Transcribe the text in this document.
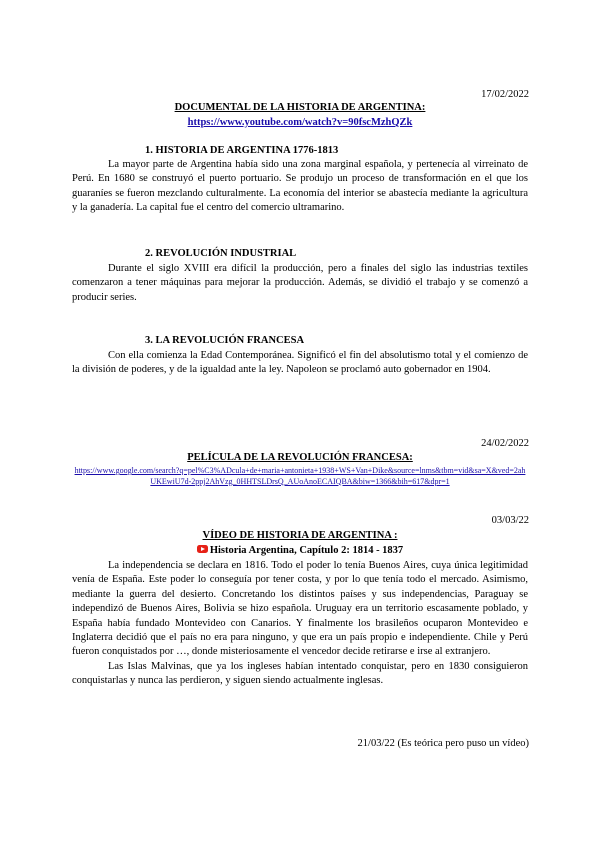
17/02/2022
DOCUMENTAL DE LA HISTORIA DE ARGENTINA:
https://www.youtube.com/watch?v=90fscMzhQZk
1. HISTORIA DE ARGENTINA 1776-1813

La mayor parte de Argentina había sido una zona marginal española, y pertenecía al virreinato de Perú. En 1680 se construyó el puerto portuario. Se produjo un proceso de transformación en el que los guaraníes se fueron mezclando culturalmente. La economía del interior se abastecía mediante la agricultura y la ganadería. La capital fue el centro del comercio ultramarino.

2. REVOLUCIÓN INDUSTRIAL

Durante el siglo XVIII era difícil la producción, pero a finales del siglo las industrias textiles comenzaron a tener máquinas para mejorar la producción. Además, se dividió el trabajo y se comenzó a producir series.

3. LA REVOLUCIÓN FRANCESA

Con ella comienza la Edad Contemporánea. Significó el fin del absolutismo total y el comienzo de la división de poderes, y de la igualdad ante la ley. Napoleon se proclamó auto gobernador en 1904.

24/02/2022
PELÍCULA DE LA REVOLUCIÓN FRANCESA:
https://www.google.com/search?q=pel%C3%ADcula+de+maria+antonieta+1938+WS+Van+Dike&source=lnms&tbm=vid&sa=X&ved=2ahUKEwiU7d-2ppj2AhVzg_0HHTSLDrsQ_AUoAnoECAIQBA&biw=1366&bih=617&dpr=1
03/03/22
VÍDEO DE HISTORIA DE ARGENTINA :
Historia Argentina, Capítulo 2: 1814 - 1837

La independencia se declara en 1816. Todo el poder lo tenía Buenos Aires, cuya única legitimidad venía de España. Este poder lo conseguía por tener costa, y por lo que tenía todo el mercado. Asimismo, mediante la guerra del desierto. Concretando los distintos países y sus independencias, Paraguay se independizó de Buenos Aires, Bolivia se hizo española. Uruguay era un territorio escasamente poblado, y España había fundado Montevideo con Canarios. Y finalmente los brasileños ocuparon Montevideo e Inglaterra decidió que el país no era para ninguno, y que era un país propio e independiente. Chile y Perú fueron conquistados por …, donde misteriosamente el vencedor decide retirarse e irse al extranjero.

Las Islas Malvinas, que ya los ingleses habían intentado conquistar, pero en 1830 consiguieron conquistarlas y nunca las perdieron, y siguen siendo actualmente inglesas.

21/03/22 (Es teórica pero puso un vídeo)
